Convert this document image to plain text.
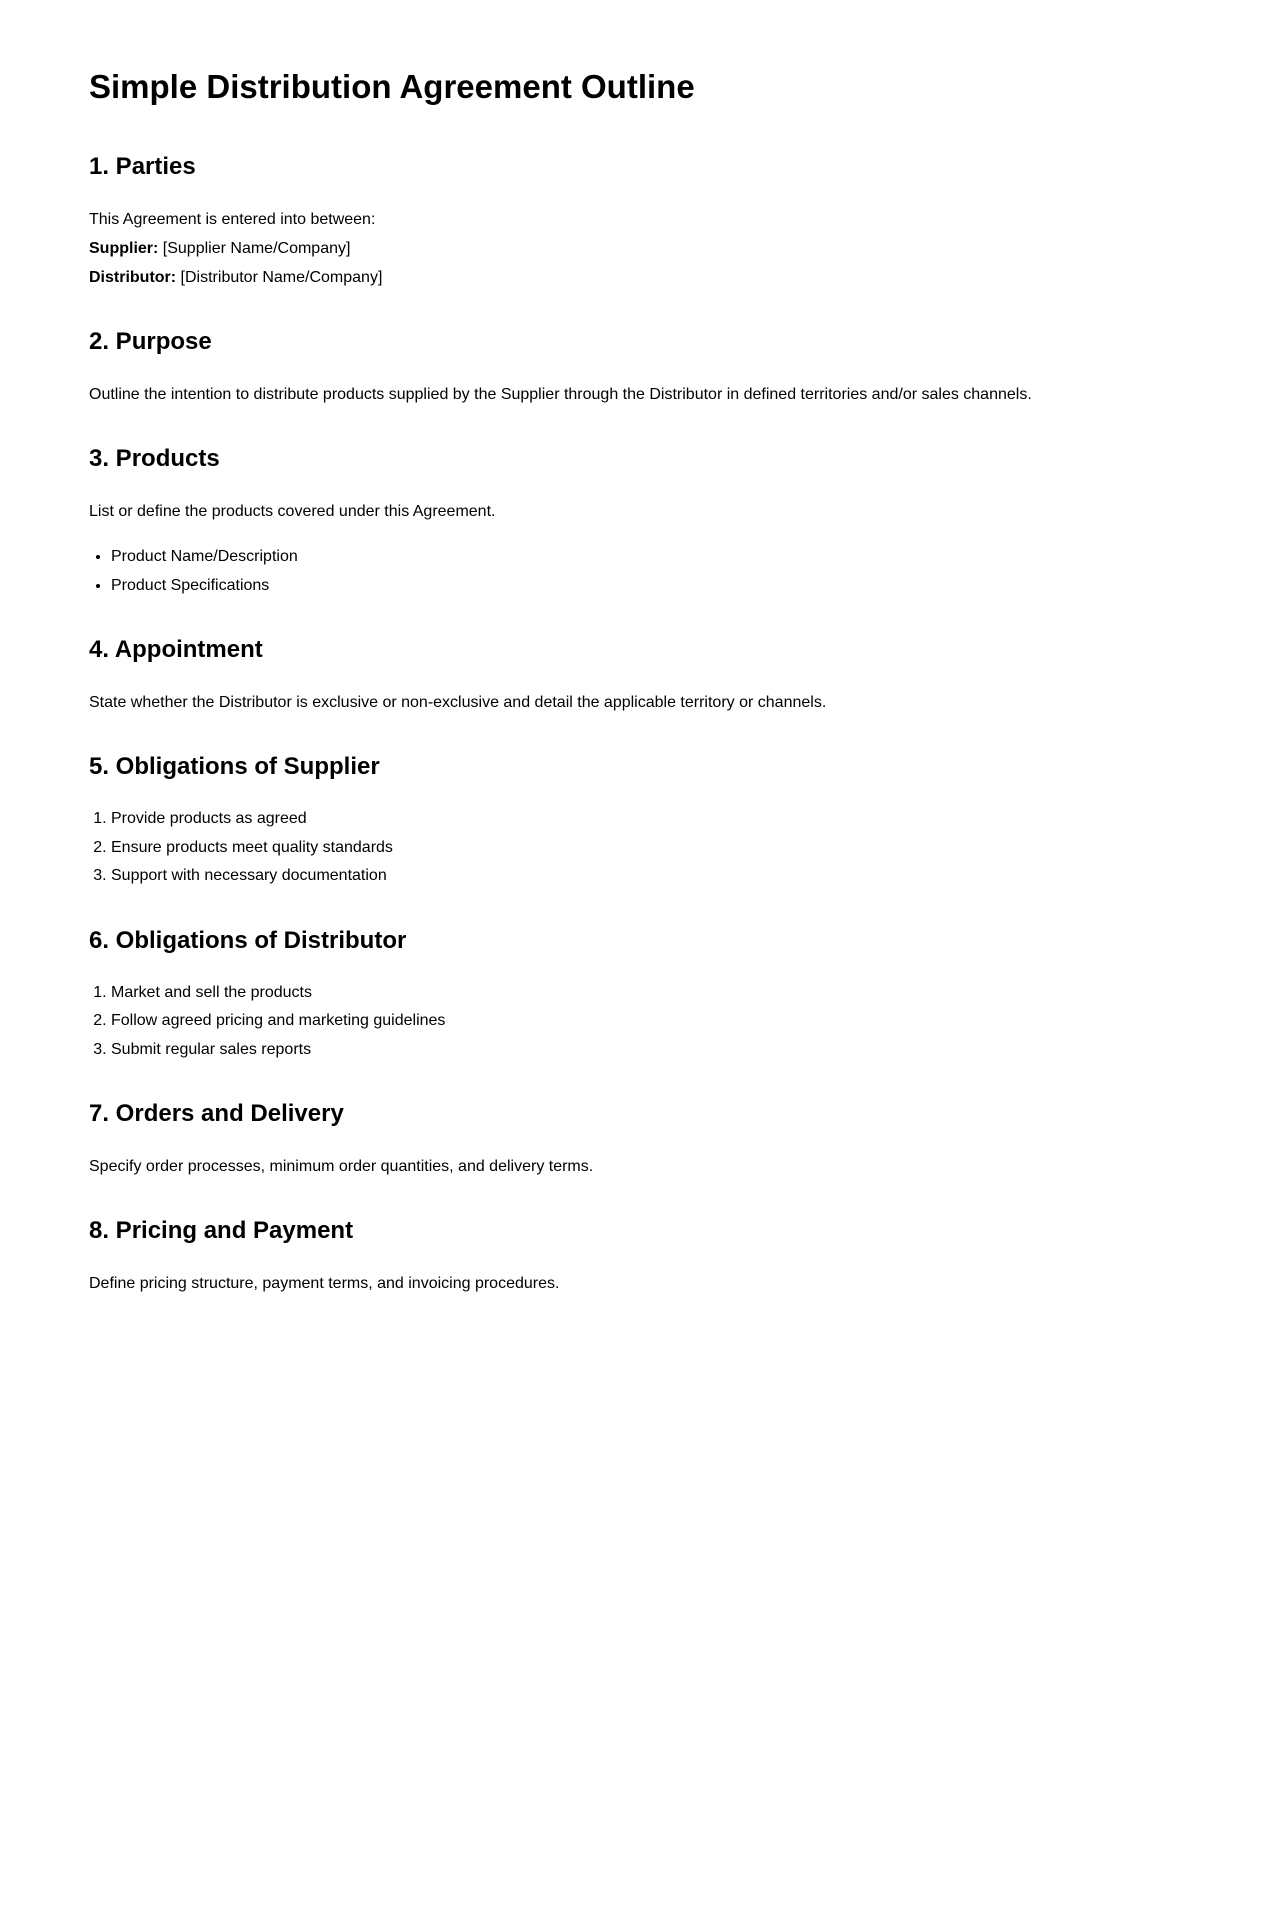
Simple Distribution Agreement Outline
1. Parties

This Agreement is entered into between:
Supplier: [Supplier Name/Company]
Distributor: [Distributor Name/Company]

2. Purpose

Outline the intention to distribute products supplied by the Supplier through the Distributor in defined territories and/or sales channels.

3. Products

List or define the products covered under this Agreement.

• Product Name/Description
• Product Specifications
4. Appointment

State whether the Distributor is exclusive or non-exclusive and detail the applicable territory or channels.

5. Obligations of Supplier
1. Provide products as agreed
2. Ensure products meet quality standards
3. Support with necessary documentation
6. Obligations of Distributor
1. Market and sell the products
2. Follow agreed pricing and marketing guidelines
3. Submit regular sales reports
7. Orders and Delivery

Specify order processes, minimum order quantities, and delivery terms.

8. Pricing and Payment

Define pricing structure, payment terms, and invoicing procedures.
